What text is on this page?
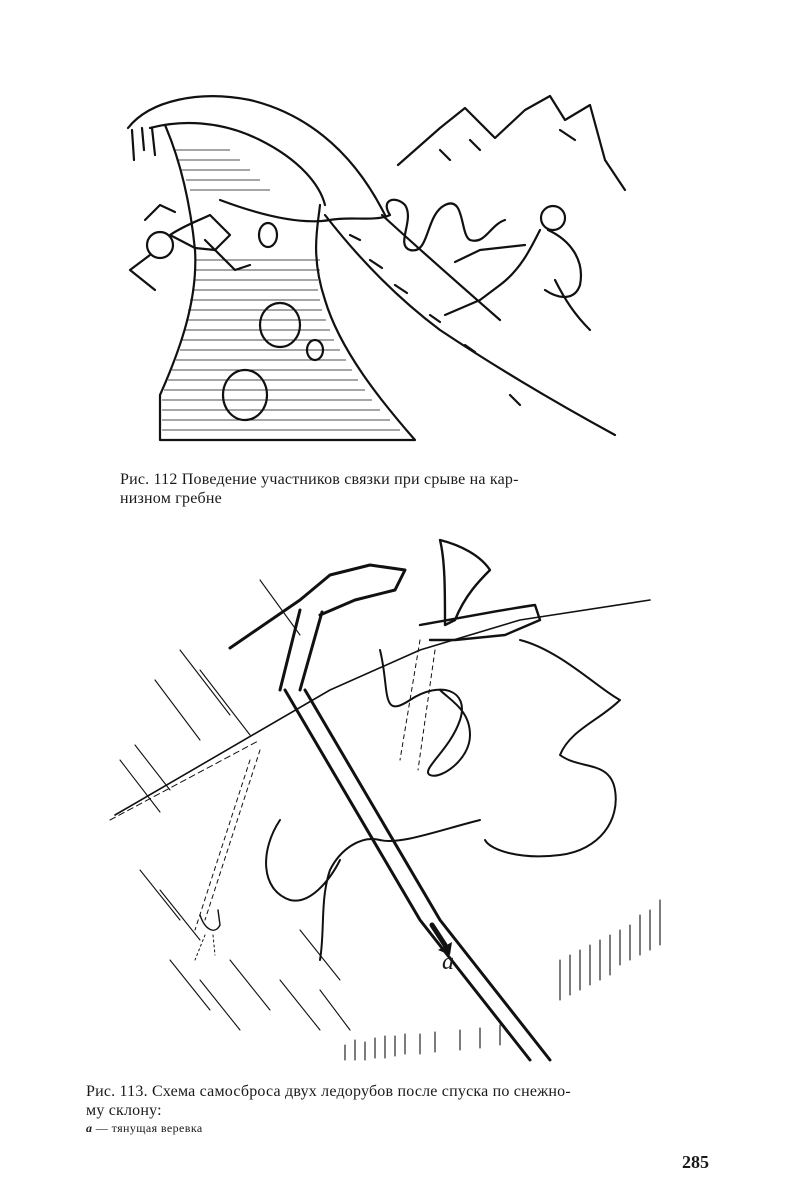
Рис. 112 Поведение участников связки при срыве на кар-
низном гребне
а
Рис. 113. Схема самосброса двух ледорубов после спуска по снежно-
му склону:
а — тянущая веревка
285
